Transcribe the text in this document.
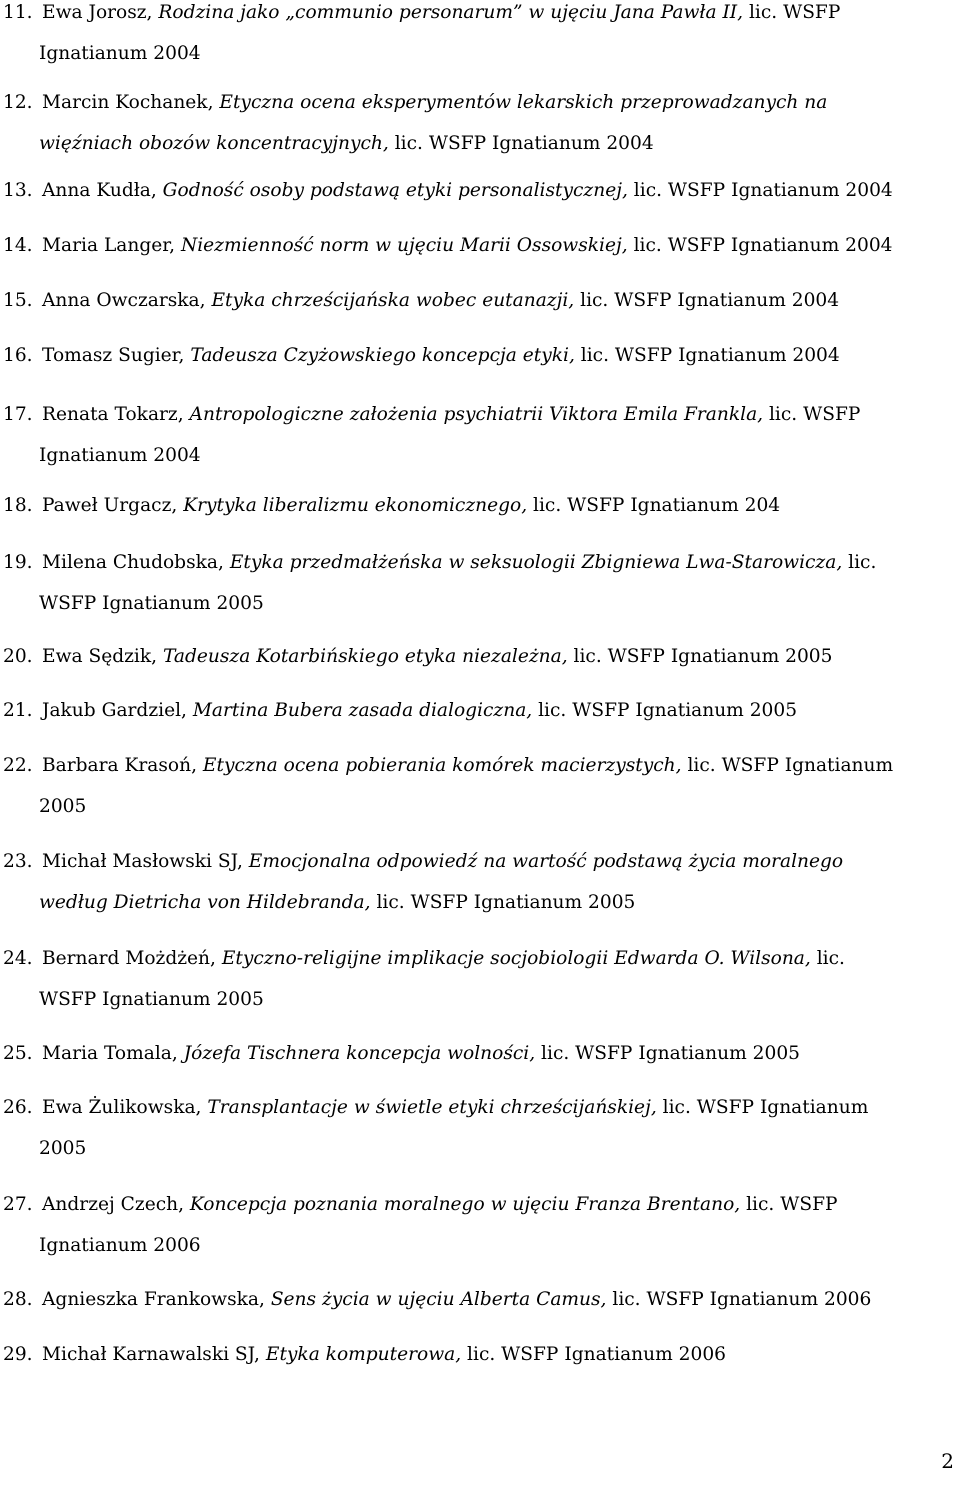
11. Ewa Jorosz, Rodzina jako „communio personarum” w ujęciu Jana Pawła II, lic. WSFP
Ignatianum 2004
12. Marcin Kochanek, Etyczna ocena eksperymentów lekarskich przeprowadzanych na
więźniach obozów koncentracyjnych, lic. WSFP Ignatianum 2004
13. Anna Kudła, Godność osoby podstawą etyki personalistycznej, lic. WSFP Ignatianum 2004
14. Maria Langer, Niezmienność norm w ujęciu Marii Ossowskiej, lic. WSFP Ignatianum 2004
15. Anna Owczarska, Etyka chrześcijańska wobec eutanazji, lic. WSFP Ignatianum 2004
16. Tomasz Sugier, Tadeusza Czyżowskiego koncepcja etyki, lic. WSFP Ignatianum 2004
17. Renata Tokarz, Antropologiczne założenia psychiatrii Viktora Emila Frankla, lic. WSFP
Ignatianum 2004
18. Paweł Urgacz, Krytyka liberalizmu ekonomicznego, lic. WSFP Ignatianum 204
19. Milena Chudobska, Etyka przedmałżeńska w seksuologii Zbigniewa Lwa-Starowicza, lic.
WSFP Ignatianum 2005
20. Ewa Sędzik, Tadeusza Kotarbińskiego etyka niezależna, lic. WSFP Ignatianum 2005
21. Jakub Gardziel, Martina Bubera zasada dialogiczna, lic. WSFP Ignatianum 2005
22. Barbara Krasoń, Etyczna ocena pobierania komórek macierzystych, lic. WSFP Ignatianum
2005
23. Michał Masłowski SJ, Emocjonalna odpowiedź na wartość podstawą życia moralnego
według Dietricha von Hildebranda, lic. WSFP Ignatianum 2005
24. Bernard Możdżeń, Etyczno-religijne implikacje socjobiologii Edwarda O. Wilsona, lic.
WSFP Ignatianum 2005
25. Maria Tomala, Józefa Tischnera koncepcja wolności, lic. WSFP Ignatianum 2005
26. Ewa Żulikowska, Transplantacje w świetle etyki chrześcijańskiej, lic. WSFP Ignatianum
2005
27. Andrzej Czech, Koncepcja poznania moralnego w ujęciu Franza Brentano, lic. WSFP
Ignatianum 2006
28. Agnieszka Frankowska, Sens życia w ujęciu Alberta Camus, lic. WSFP Ignatianum 2006
29. Michał Karnawalski SJ, Etyka komputerowa, lic. WSFP Ignatianum 2006
2
